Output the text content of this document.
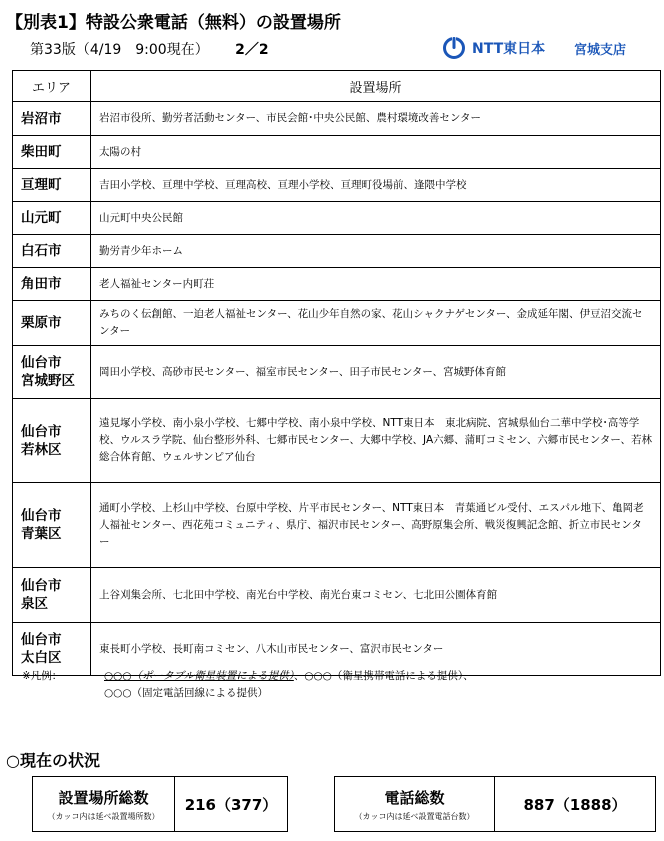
【別表1】特設公衆電話（無料）の設置場所
第33版（4/19　9:00現在） 2／2	NTT東日本 宮城支店
エリア	設置場所

岩沼市	岩沼市役所、勤労者活動センター、市民会館･中央公民館、農村環境改善センター

柴田町	太陽の村

亘理町	吉田小学校、亘理中学校、亘理高校、亘理小学校、亘理町役場前、逢隈中学校

山元町	山元町中央公民館

白石市	勤労青少年ホーム

角田市	老人福祉センター内町荘

栗原市	みちのく伝創館、一迫老人福祉センター、花山少年自然の家、花山シャクナゲセンター、金成延年閣、伊豆沼交流センター

仙台市
宮城野区	岡田小学校、高砂市民センター、福室市民センター、田子市民センター、宮城野体育館

仙台市
若林区	遠見塚小学校、南小泉小学校、七郷中学校、南小泉中学校、NTT東日本　東北病院、宮城県仙台二華中学校･高等学校、ウルスラ学院、仙台整形外科、七郷市民センター、大郷中学校、JA六郷、蒲町コミセン、六郷市民センター、若林総合体育館、ウェルサンピア仙台

仙台市
青葉区	通町小学校、上杉山中学校、台原中学校、片平市民センター、NTT東日本　青葉通ビル受付、エスパル地下、亀岡老人福祉センター、西花苑コミュニティ、県庁、福沢市民センター、高野原集会所、戦災復興記念館、折立市民センター

仙台市
泉区	上谷刈集会所、七北田中学校、南光台中学校、南光台東コミセン、七北田公園体育館

仙台市
太白区	東長町小学校、長町南コミセン、八木山市民センター、富沢市民センター
※凡例：	○○○（ポータブル衛星装置による提供）、○○○（衛星携帯電話による提供）、
○○○（固定電話回線による提供）
○現在の状況
設置場所総数
（カッコ内は延べ設置場所数）
216（377）	電話総数
（カッコ内は延べ設置電話台数）
887（1888）
